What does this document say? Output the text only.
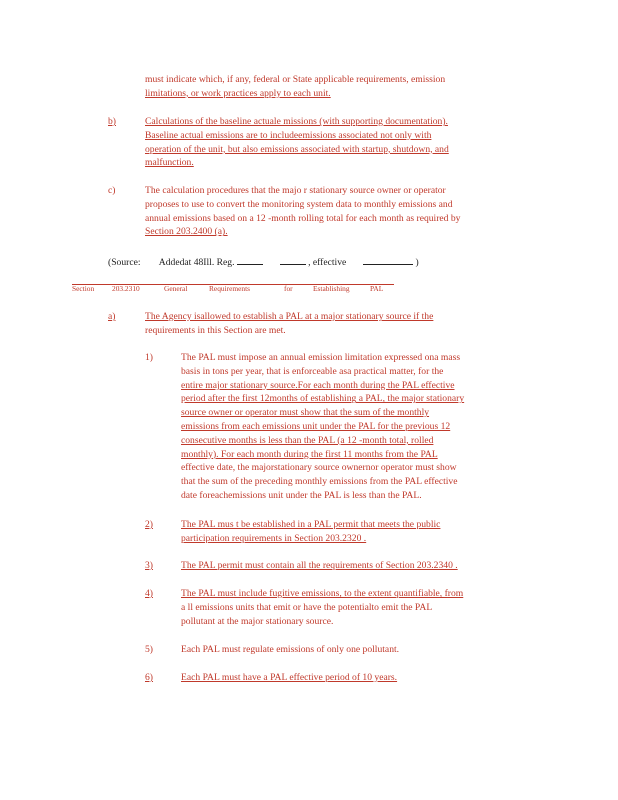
must indicate which, if any, federal or State applicable requirements, emission
limitations, or work practices apply to each unit.
b)	Calculations of the baseline actuale missions (with supporting documentation).
Baseline actual emissions are to includeemissions associated not only with
operation of the unit, but also emissions associated with startup, shutdown, and
malfunction.
c)	The calculation procedures that the majo r stationary source owner or operator
proposes to use to convert the monitoring system data to monthly emissions and
annual emissions based on a 12 -month rolling total for each month as required by
Section 203.2400 (a).
(Source: Addedat 48Ill. Reg.	, effective	)
Section 203.2310	General	Requirements	for	Establishing	PAL
a)	The Agency isallowed to establish a PAL at a major stationary source if the
requirements in this Section are met.
1)	The PAL must impose an annual emission limitation expressed ona mass
basis in tons per year, that is enforceable asa practical matter, for the
entire major stationary source.For each month during the PAL effective
period after the first 12months of establishing a PAL, the major stationary
source owner or operator must show that the sum of the monthly
emissions from each emissions unit under the PAL for the previous 12
consecutive months is less than the PAL (a 12 -month total, rolled
monthly). For each month during the first 11 months from the PAL
effective date, the majorstationary source ownernor operator must show
that the sum of the preceding monthly emissions from the PAL effective
date foreachemissions unit under the PAL is less than the PAL.
2)	The PAL mus t be established in a PAL permit that meets the public
participation requirements in Section 203.2320 .
3)	The PAL permit must contain all the requirements of Section 203.2340 .
4)	The PAL must include fugitive emissions, to the extent quantifiable, from
a ll emissions units that emit or have the potentialto emit the PAL
pollutant at the major stationary source.
5)	Each PAL must regulate emissions of only one pollutant.
6)	Each PAL must have a PAL effective period of 10 years.
